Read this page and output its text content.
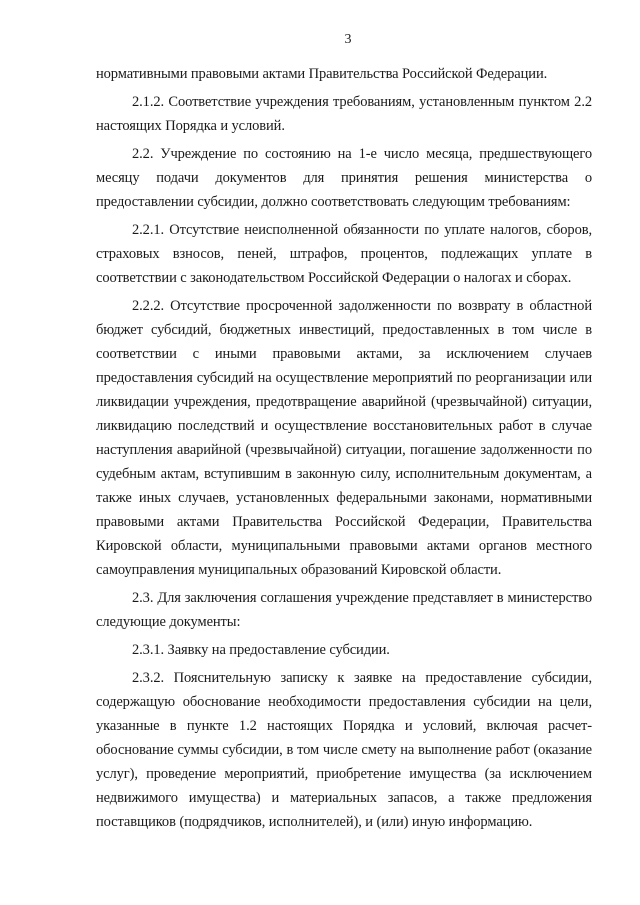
3

нормативными правовыми актами Правительства Российской Федерации.

2.1.2. Соответствие учреждения требованиям, установленным пунктом 2.2 настоящих Порядка и условий.

2.2. Учреждение по состоянию на 1-е число месяца, предшествующего месяцу подачи документов для принятия решения министерства о предоставлении субсидии, должно соответствовать следующим требованиям:

2.2.1. Отсутствие неисполненной обязанности по уплате налогов, сборов, страховых взносов, пеней, штрафов, процентов, подлежащих уплате в соответствии с законодательством Российской Федерации о налогах и сборах.

2.2.2. Отсутствие просроченной задолженности по возврату в областной бюджет субсидий, бюджетных инвестиций, предоставленных в том числе в соответствии с иными правовыми актами, за исключением случаев предоставления субсидий на осуществление мероприятий по реорганизации или ликвидации учреждения, предотвращение аварийной (чрезвычайной) ситуации, ликвидацию последствий и осуществление восстановительных работ в случае наступления аварийной (чрезвычайной) ситуации, погашение задолженности по судебным актам, вступившим в законную силу, исполнительным документам, а также иных случаев, установленных федеральными законами, нормативными правовыми актами Правительства Российской Федерации, Правительства Кировской области, муниципальными правовыми актами органов местного самоуправления муниципальных образований Кировской области.

2.3. Для заключения соглашения учреждение представляет в министерство следующие документы:

2.3.1. Заявку на предоставление субсидии.

2.3.2. Пояснительную записку к заявке на предоставление субсидии, содержащую обоснование необходимости предоставления субсидии на цели, указанные в пункте 1.2 настоящих Порядка и условий, включая расчет-обоснование суммы субсидии, в том числе смету на выполнение работ (оказание услуг), проведение мероприятий, приобретение имущества (за исключением недвижимого имущества) и материальных запасов, а также предложения поставщиков (подрядчиков, исполнителей), и (или) иную информацию.
